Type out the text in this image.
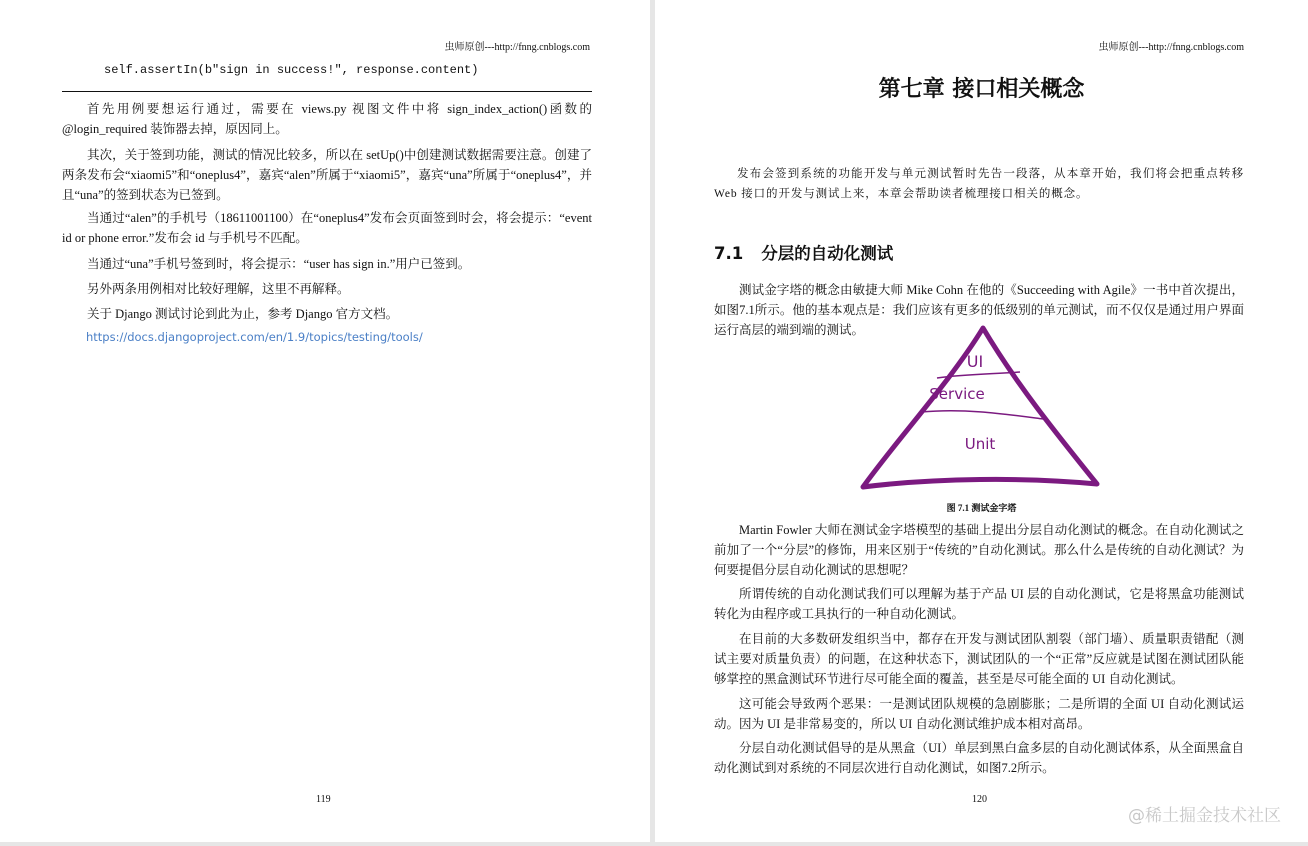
虫师原创---http://fnng.cnblogs.com
self.assertIn(b"sign in success!", response.content)
首先用例要想运行通过，需要在 views.py 视图文件中将 sign_index_action()函数的@login_required 装饰器去掉，原因同上。
其次，关于签到功能，测试的情况比较多，所以在 setUp()中创建测试数据需要注意。创建了两条发布会“xiaomi5”和“oneplus4”，嘉宾“alen”所属于“xiaomi5”，嘉宾“una”所属于“oneplus4”，并且“una”的签到状态为已签到。
当通过“alen”的手机号（18611001100）在“oneplus4”发布会页面签到时会，将会提示：“event id or phone error.”发布会 id 与手机号不匹配。
当通过“una”手机号签到时，将会提示：“user has sign in.”用户已签到。
另外两条用例相对比较好理解，这里不再解释。
关于 Django 测试讨论到此为止，参考 Django 官方文档。
https://docs.djangoproject.com/en/1.9/topics/testing/tools/
119
虫师原创---http://fnng.cnblogs.com
第七章 接口相关概念
发布会签到系统的功能开发与单元测试暂时先告一段落，从本章开始，我们将会把重点转移 Web 接口的开发与测试上来，本章会帮助读者梳理接口相关的概念。
7.1 分层的自动化测试
测试金字塔的概念由敏捷大师 Mike Cohn 在他的《Succeeding with Agile》一书中首次提出，如图7.1所示。他的基本观点是：我们应该有更多的低级别的单元测试，而不仅仅是通过用户界面运行高层的端到端的测试。
UI
Service
Unit
图 7.1 测试金字塔
Martin Fowler 大师在测试金字塔模型的基础上提出分层自动化测试的概念。在自动化测试之前加了一个“分层”的修饰，用来区别于“传统的”自动化测试。那么什么是传统的自动化测试？为何要提倡分层自动化测试的思想呢？
所谓传统的自动化测试我们可以理解为基于产品 UI 层的自动化测试，它是将黑盒功能测试转化为由程序或工具执行的一种自动化测试。
在目前的大多数研发组织当中，都存在开发与测试团队割裂（部门墙）、质量职责错配（测试主要对质量负责）的问题，在这种状态下，测试团队的一个“正常”反应就是试图在测试团队能够掌控的黑盒测试环节进行尽可能全面的覆盖，甚至是尽可能全面的 UI 自动化测试。
这可能会导致两个恶果：一是测试团队规模的急剧膨胀；二是所谓的全面 UI 自动化测试运动。因为 UI 是非常易变的，所以 UI 自动化测试维护成本相对高昂。
分层自动化测试倡导的是从黑盒（UI）单层到黑白盒多层的自动化测试体系，从全面黑盒自动化测试到对系统的不同层次进行自动化测试，如图7.2所示。
120
@稀土掘金技术社区
